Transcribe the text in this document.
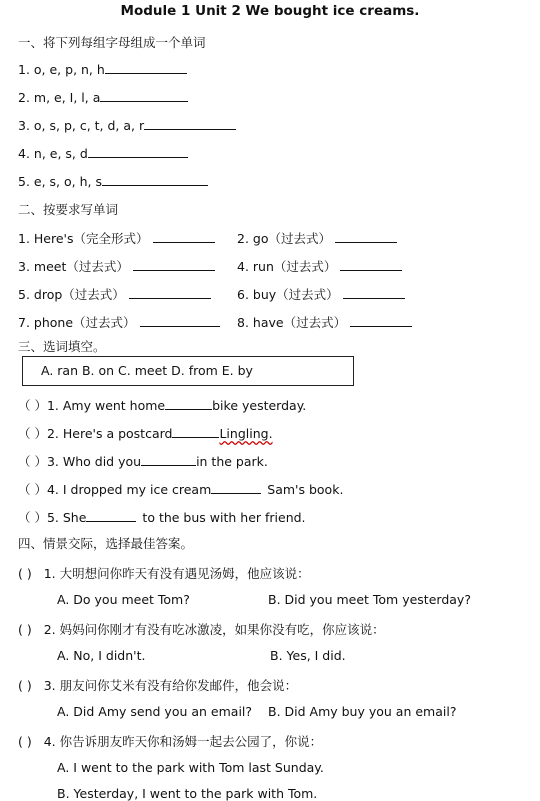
Module 1 Unit 2 We bought ice creams.
一、将下列每组字母组成一个单词
1. o, e, p, n, h
2. m, e, I, l, a
3. o, s, p, c, t, d, a, r
4. n, e, s, d
5. e, s, o, h, s
二、按要求写单词
1. Here's（完全形式）	2. go（过去式）
3. meet（过去式）	4. run（过去式）
5. drop（过去式）	6. buy（过去式）
7. phone（过去式）	8. have（过去式）
三、选词填空。
A. ran B. on C. meet D. from E. by
（ ）1. Amy went home	bike yesterday.
（ ）2. Here's a postcard	Lingling.
（ ）3. Who did you	in the park.
（ ）4. I dropped my ice cream	Sam's book.
（ ）5. She	to the bus with her friend.
四、情景交际，选择最佳答案。
( ) 1. 大明想问你昨天有没有遇见汤姆，他应该说：
A. Do you meet Tom?	B. Did you meet Tom yesterday?
( ) 2. 妈妈问你刚才有没有吃冰激凌，如果你没有吃，你应该说：
A. No, I didn't.	B. Yes, I did.
( ) 3. 朋友问你艾米有没有给你发邮件，他会说：
A. Did Amy send you an email? B. Did Amy buy you an email?
( ) 4. 你告诉朋友昨天你和汤姆一起去公园了，你说：
A. I went to the park with Tom last Sunday.
B. Yesterday, I went to the park with Tom.
